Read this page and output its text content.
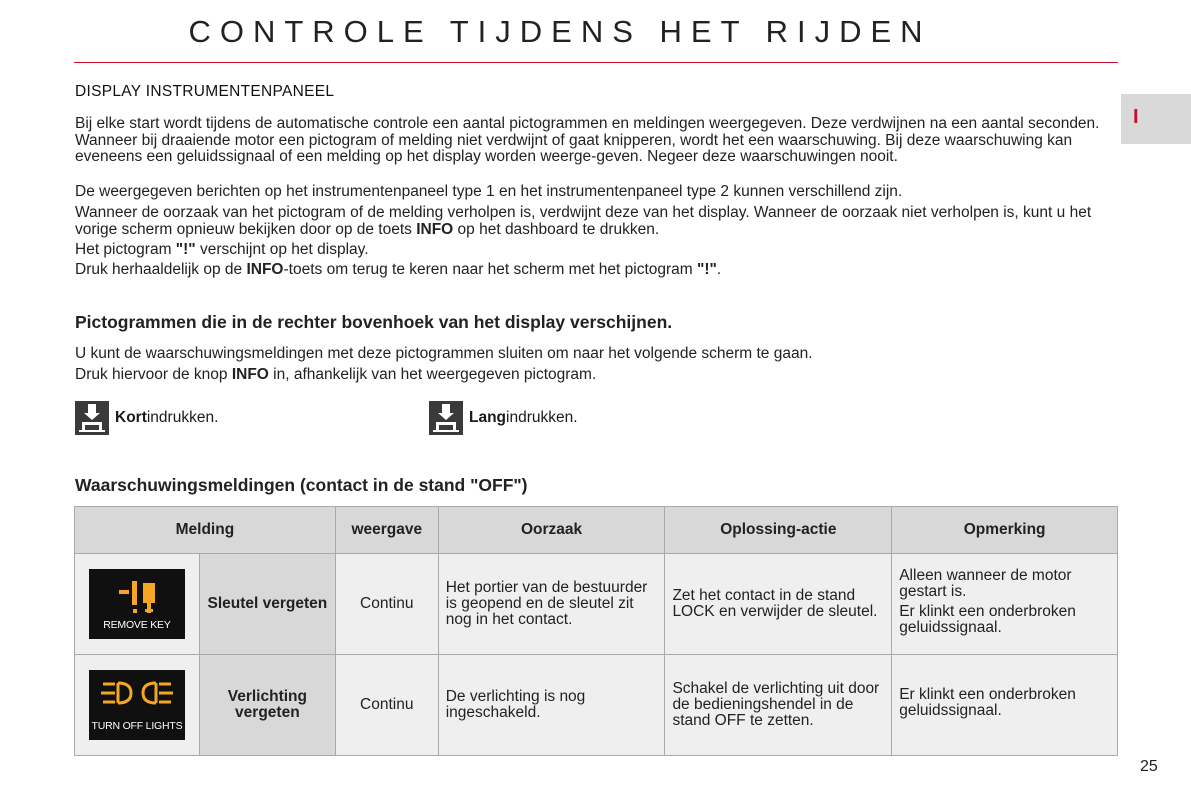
CONTROLE TIJDENS HET RIJDEN
I
DISPLAY INSTRUMENTENPANEEL

Bij elke start wordt tijdens de automatische controle een aantal pictogrammen en meldingen weergegeven. Deze verdwijnen na een aantal seconden. Wanneer bij draaiende motor een pictogram of melding niet verdwijnt of gaat knipperen, wordt het een waarschuwing. Bij deze waarschuwing kan eveneens een geluidssignaal of een melding op het display worden weerge-geven. Negeer deze waarschuwingen nooit.

De weergegeven berichten op het instrumentenpaneel type 1 en het instrumentenpaneel type 2 kunnen verschillend zijn.

Wanneer de oorzaak van het pictogram of de melding verholpen is, verdwijnt deze van het display. Wanneer de oorzaak niet verholpen is, kunt u het vorige scherm opnieuw bekijken door op de toets INFO op het dashboard te drukken.

Het pictogram "!" verschijnt op het display.

Druk herhaaldelijk op de INFO-toets om terug te keren naar het scherm met het pictogram "!".

Pictogrammen die in de rechter bovenhoek van het display verschijnen.

U kunt de waarschuwingsmeldingen met deze pictogrammen sluiten om naar het volgende scherm te gaan.

Druk hiervoor de knop INFO in, afhankelijk van het weergegeven pictogram.

Kort indrukken.	Lang indrukken.
Waarschuwingsmeldingen (contact in de stand "OFF")
Melding		weergave	Oorzaak	Oplossing-actie	Opmerking

REMOVE KEY	Sleutel vergeten	Continu	Het portier van de bestuurder is geopend en de sleutel zit nog in het contact.	Zet het contact in de stand LOCK en verwijder de sleutel.	Alleen wanneer de motor gestart is.

Er klinkt een onderbroken geluidssignaal.

TURN OFF LIGHTS	Verlichting vergeten	Continu	De verlichting is nog ingeschakeld.	Schakel de verlichting uit door de bedieningshendel in de stand OFF te zetten.	Er klinkt een onderbroken geluidssignaal.

25
